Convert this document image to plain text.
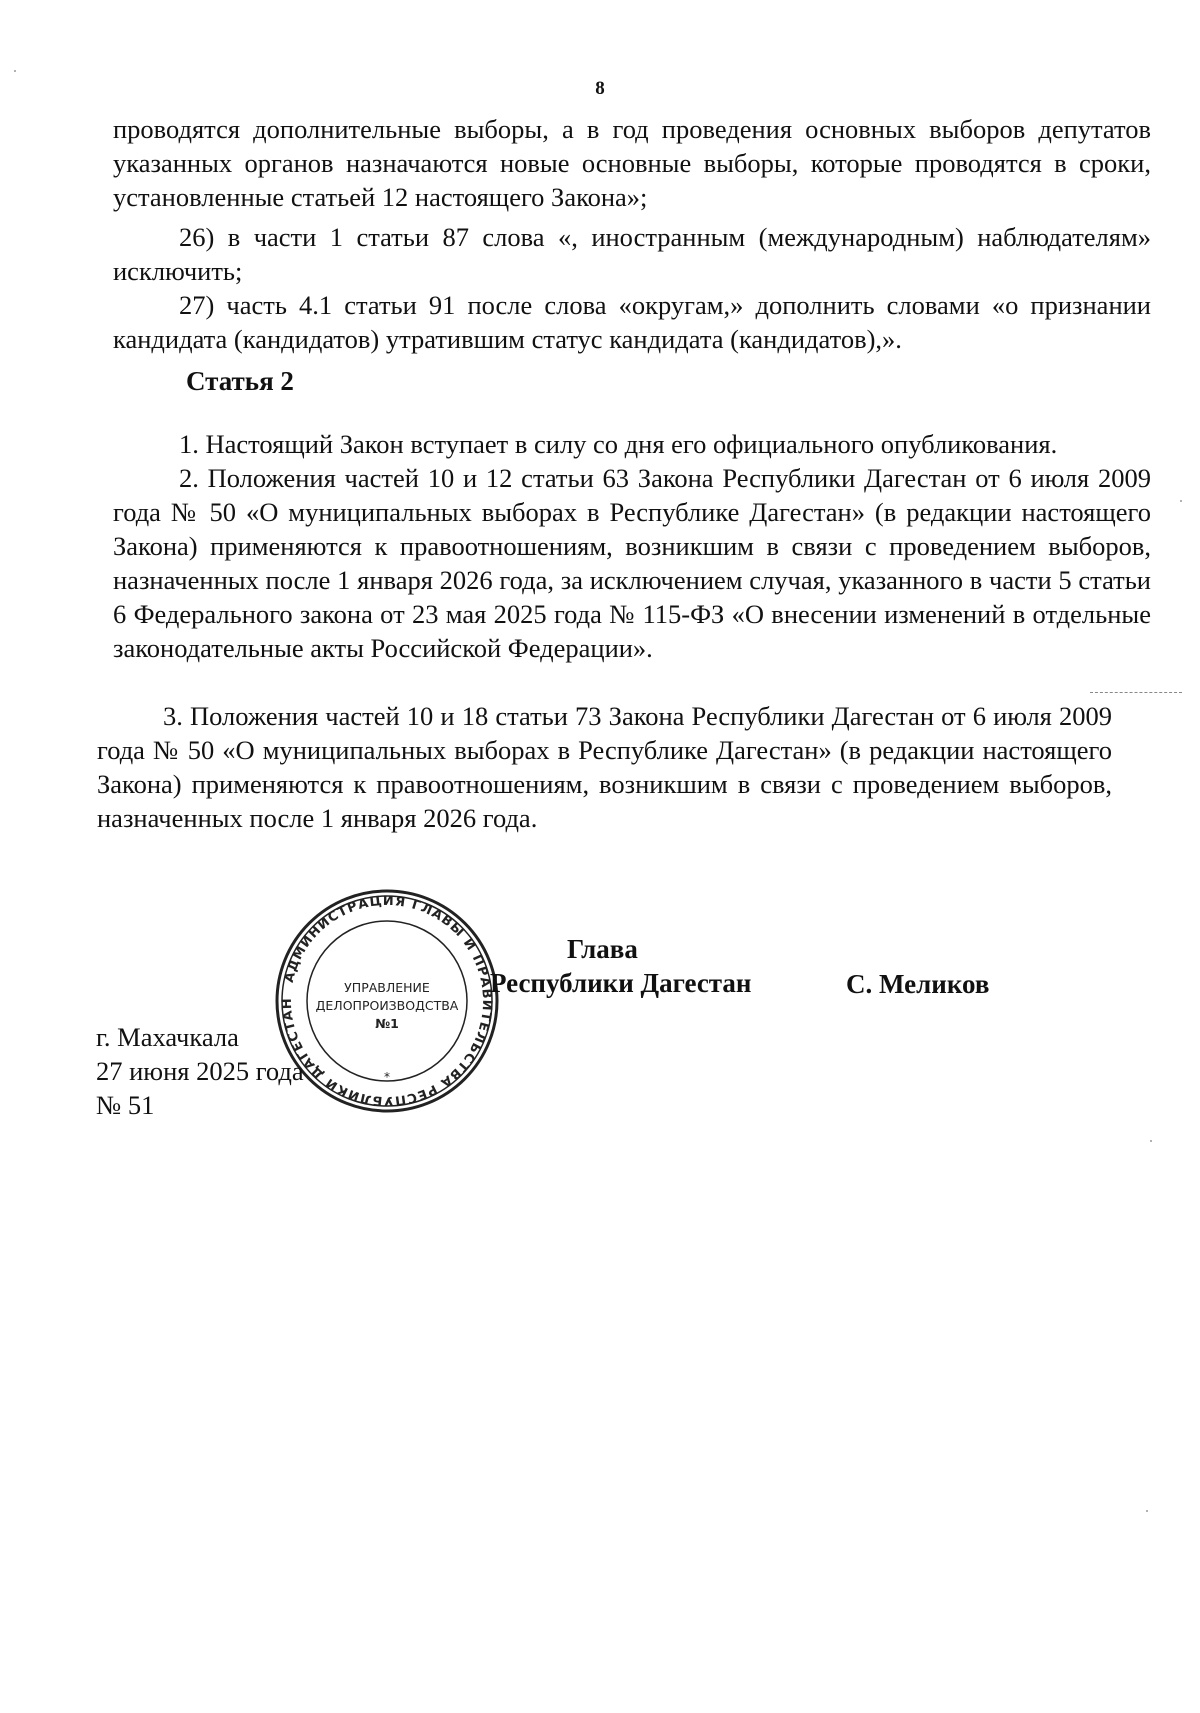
8
проводятся дополнительные выборы, а в год проведения основных выборов депутатов указанных органов назначаются новые основные выборы, которые проводятся в сроки, установленные статьей 12 настоящего Закона»;
26) в части 1 статьи 87 слова «, иностранным (международным) наблюдателям» исключить;
27) часть 4.1 статьи 91 после слова «округам,» дополнить словами «о признании кандидата (кандидатов) утратившим статус кандидата (кандидатов),».
Статья 2
1. Настоящий Закон вступает в силу со дня его официального опубликования.
2. Положения частей 10 и 12 статьи 63 Закона Республики Дагестан от 6 июля 2009 года № 50 «О муниципальных выборах в Республике Дагестан» (в редакции настоящего Закона) применяются к правоотношениям, возникшим в связи с проведением выборов, назначенных после 1 января 2026 года, за исключением случая, указанного в части 5 статьи 6 Федерального закона от 23 мая 2025 года № 115-ФЗ «О внесении изменений в отдельные законодательные акты Российской Федерации».
3. Положения частей 10 и 18 статьи 73 Закона Республики Дагестан от 6 июля 2009 года № 50 «О муниципальных выборах в Республике Дагестан» (в редакции настоящего Закона) применяются к правоотношениям, возникшим в связи с проведением выборов, назначенных после 1 января 2026 года.
АДМИНИСТРАЦИЯ ГЛАВЫ И ПРАВИТЕЛЬСТВА РЕСПУБЛИКИ ДАГЕСТАН
*
УПРАВЛЕНИЕ
ДЕЛОПРОИЗВОДСТВА
№1
Глава
Республики Дагестан	С. Меликов
г. Махачкала
27 июня 2025 года
№ 51
